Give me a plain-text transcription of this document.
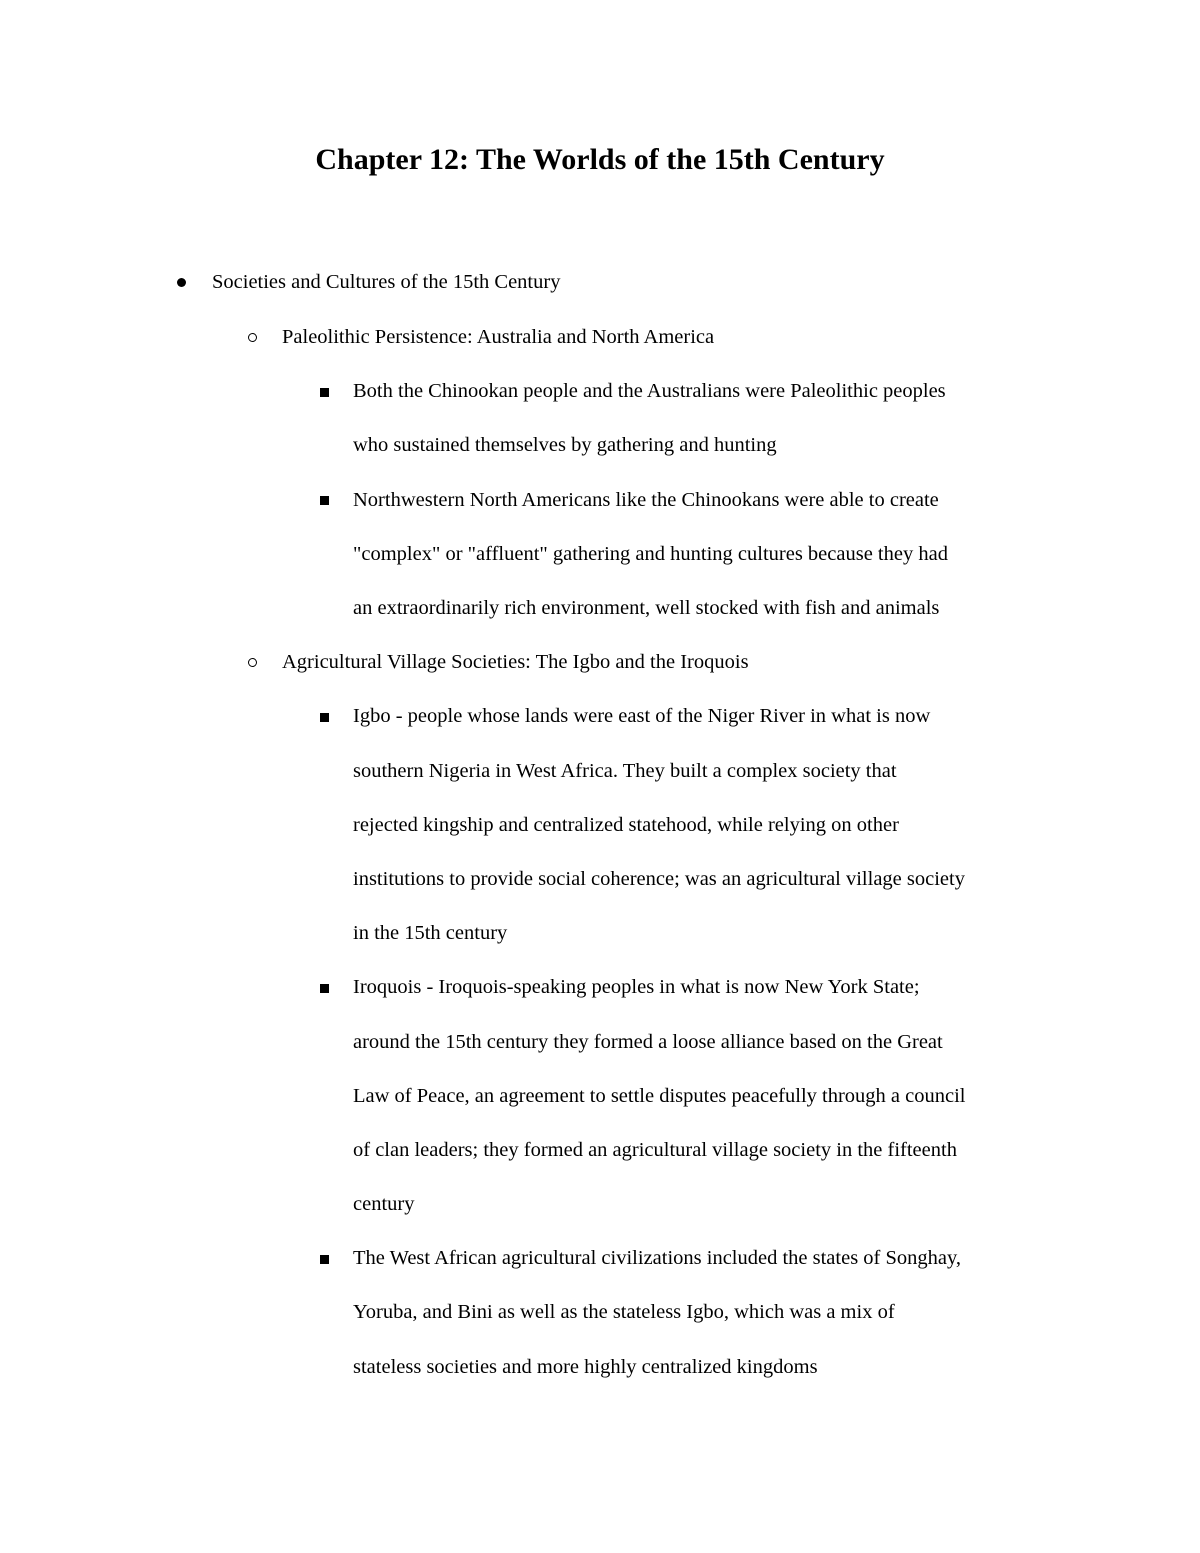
Chapter 12: The Worlds of the 15th Century
Societies and Cultures of the 15th Century
Paleolithic Persistence: Australia and North America
Both the Chinookan people and the Australians were Paleolithic peoples
who sustained themselves by gathering and hunting
Northwestern North Americans like the Chinookans were able to create
"complex" or "affluent" gathering and hunting cultures because they had
an extraordinarily rich environment, well stocked with fish and animals
Agricultural Village Societies: The Igbo and the Iroquois
Igbo - people whose lands were east of the Niger River in what is now
southern Nigeria in West Africa. They built a complex society that
rejected kingship and centralized statehood, while relying on other
institutions to provide social coherence; was an agricultural village society
in the 15th century
Iroquois - Iroquois-speaking peoples in what is now New York State;
around the 15th century they formed a loose alliance based on the Great
Law of Peace, an agreement to settle disputes peacefully through a council
of clan leaders; they formed an agricultural village society in the fifteenth
century
The West African agricultural civilizations included the states of Songhay,
Yoruba, and Bini as well as the stateless Igbo, which was a mix of
stateless societies and more highly centralized kingdoms
